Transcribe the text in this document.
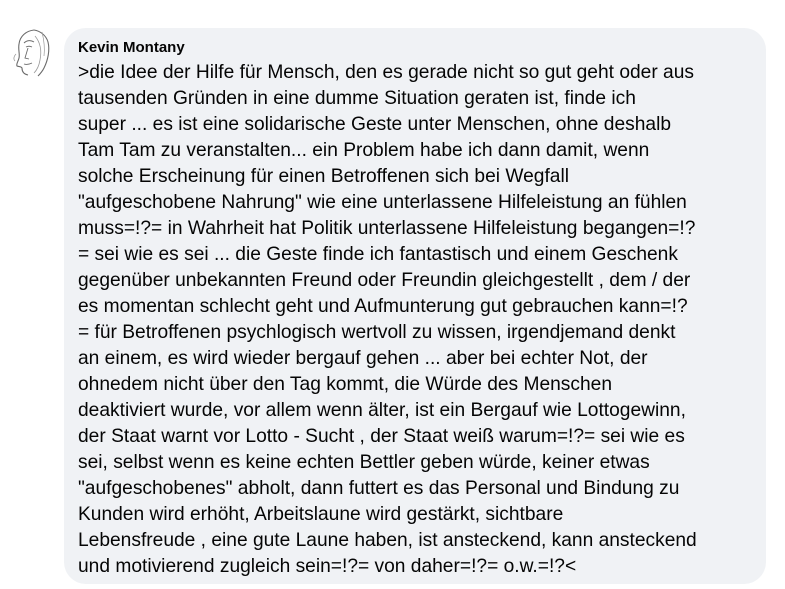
Kevin Montany
>die Idee der Hilfe für Mensch, den es gerade nicht so gut geht oder aus
tausenden Gründen in eine dumme Situation geraten ist, finde ich
super ... es ist eine solidarische Geste unter Menschen, ohne deshalb
Tam Tam zu veranstalten... ein Problem habe ich dann damit, wenn
solche Erscheinung für einen Betroffenen sich bei Wegfall
"aufgeschobene Nahrung" wie eine unterlassene Hilfeleistung an fühlen
muss=!?= in Wahrheit hat Politik unterlassene Hilfeleistung begangen=!?
= sei wie es sei ... die Geste finde ich fantastisch und einem Geschenk
gegenüber unbekannten Freund oder Freundin gleichgestellt , dem / der
es momentan schlecht geht und Aufmunterung gut gebrauchen kann=!?
= für Betroffenen psychlogisch wertvoll zu wissen, irgendjemand denkt
an einem, es wird wieder bergauf gehen ... aber bei echter Not, der
ohnedem nicht über den Tag kommt, die Würde des Menschen
deaktiviert wurde, vor allem wenn älter, ist ein Bergauf wie Lottogewinn,
der Staat warnt vor Lotto - Sucht , der Staat weiß warum=!?= sei wie es
sei, selbst wenn es keine echten Bettler geben würde, keiner etwas
"aufgeschobenes" abholt, dann futtert es das Personal und Bindung zu
Kunden wird erhöht, Arbeitslaune wird gestärkt, sichtbare
Lebensfreude , eine gute Laune haben, ist ansteckend, kann ansteckend
und motivierend zugleich sein=!?= von daher=!?= o.w.=!?<
